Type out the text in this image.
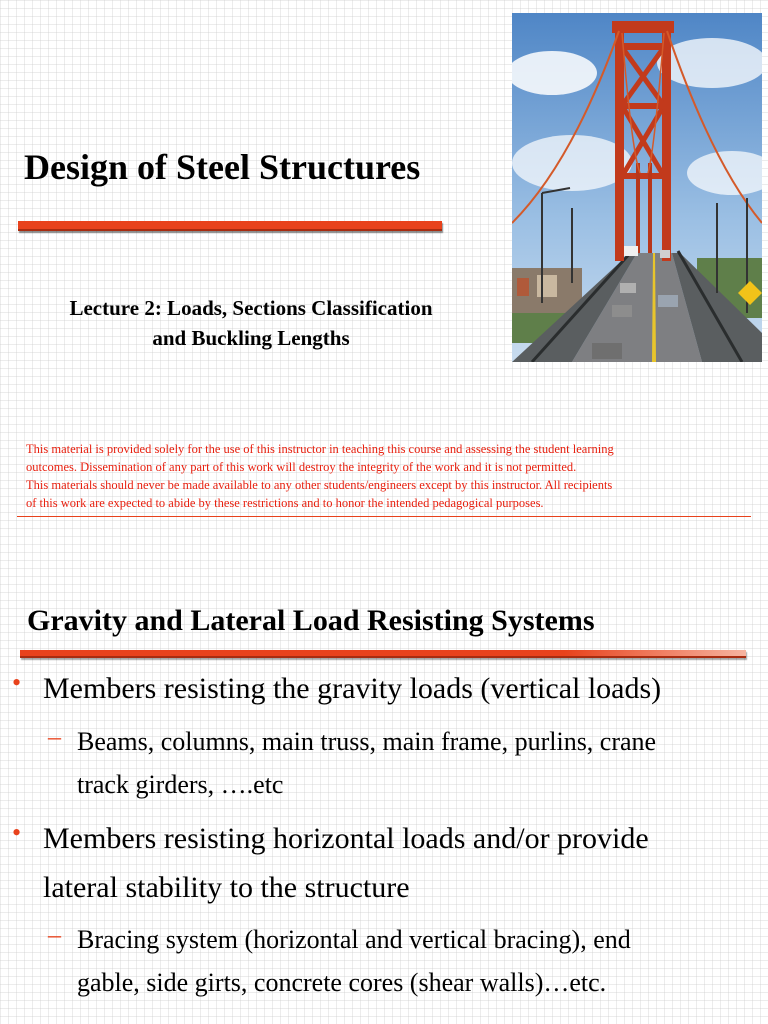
Design of Steel Structures
Lecture 2: Loads, Sections Classification
and Buckling Lengths
This material is provided solely for the use of this instructor in teaching this course and assessing the student learning
outcomes. Dissemination of any part of this work will destroy the integrity of the work and it is not permitted.
This materials should never be made available to any other students/engineers except by this instructor. All recipients
of this work are expected to abide by these restrictions and to honor the intended pedagogical purposes.
Gravity and Lateral Load Resisting Systems
• Members resisting the gravity loads (vertical loads)
– Beams, columns, main truss, main frame, purlins, crane
track girders, ….etc
• Members resisting horizontal loads and/or provide
lateral stability to the structure
– Bracing system (horizontal and vertical bracing), end
gable, side girts, concrete cores (shear walls)…etc.
